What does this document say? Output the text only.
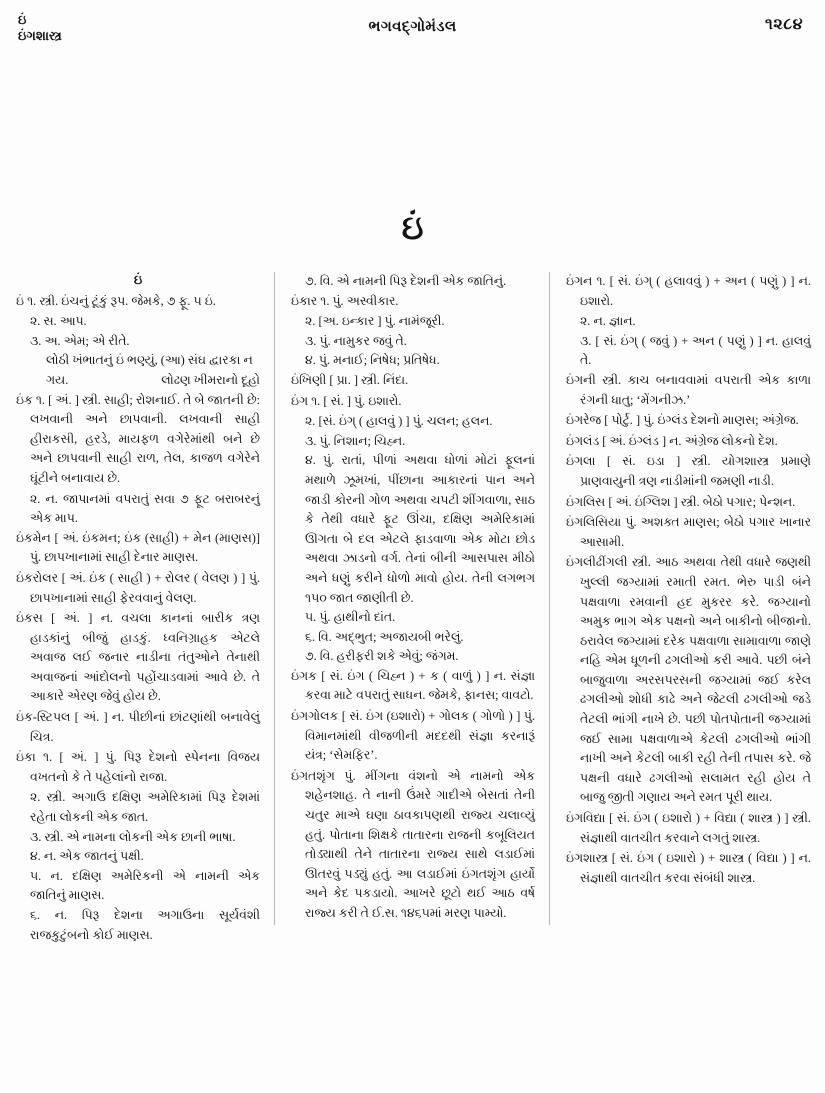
ઇં
ઇંગશાસ્ત્ર
ભગવદ્ગોમંડલ	૧૨૮૪
ઇં
ઇં
ઇં ૧. સ્ત્રી. ઇંચનું ટૂંકું રૂપ. જેમકે, ૭ ફૂ. ૫ ઇં.
૨. સ. આપ.
૩. અ. એમ; એ રીતે.
લોઠી ખંભાતનું ઇં ભણ્યું, (આ) સંઘ દ્વારકા ન
ગય.	લોઢણ ખીમરાનો દૂહો
ઇંક ૧. [ અં. ] સ્ત્રી. સાહી; રોશનાઈ. તે બે જાતની છે: લખવાની અને છાપવાની. લખવાની સાહી હીરાકસી, હરડે, માયફળ વગેરેમાંથી બને છે અને છાપવાની સાહી રાળ, તેલ, કાજળ વગેરેને ઘૂંટીને બનાવાય છે.
૨. ન. જાપાનમાં વપરાતું સવા ૭ ફૂટ બરાબરનું એક માપ.
ઇંકમેન [ અં. ઇંકમન; ઇંક (સાહી) + મેન (માણસ)] પું. છાપખાનામાં સાહી દેનાર માણસ.
ઇંકરોલર [ અં. ઇંક ( સાહી ) + રોલર ( વેલણ ) ] પું. છાપખાનામાં સાહી ફેરવવાનું વેલણ.
ઇંકસ [ અં. ] ન. વચલા કાનનાં બારીક ત્રણ હાડકાંનું બીજું હાડકું. ધ્વનિગ્રાહક એટલે અવાજ લઈ જનાર નાડીના તંતુઓને તેનાથી અવાજનાં આંદોલનો પહોંચાડવામાં આવે છે. તે આકારે એરણ જેવું હોય છે.
ઇંક-સ્ટિપલ [ અં. ] ન. પીછીનાં છાંટણાંથી બનાવેલું ચિત્ર.
ઇંકા ૧. [ અં. ] પું. પિરૂ દેશનો સ્પેનના વિજય વખતનો કે તે પહેલાંનો રાજા.
૨. સ્ત્રી. અગાઉ દક્ષિણ અમેરિકામાં પિરૂ દેશમાં રહેતા લોકની એક જાત.
૩. સ્ત્રી. એ નામના લોકની એક છાની ભાષા.
૪. ન. એક જાતનું પક્ષી.
૫. ન. દક્ષિણ અમેરિકની એ નામની એક જાતિનું માણસ.
૬. ન. પિરૂ દેશના અગાઉના સૂર્યવંશી રાજકુટુંબનો કોઈ માણસ.
૭. વિ. એ નામની પિરૂ દેશની એક જાતિનું.
ઇંકાર ૧. પું. અસ્વીકાર.
૨. [અ. ઇન્કાર ] પું. નામંજૂરી.
૩. પું. નામુકર જવું તે.
૪. પું. મનાઈ; નિષેધ; પ્રતિષેધ.
ઇંખિણી [ પ્રા. ] સ્ત્રી. નિંદા.
ઇંગ ૧. [ સં. ] પું. ઇશારો.
૨. [સં. ઇંગ્ ( હાલવું ) ] પું. ચલન; હલન.
૩. પું. નિશાન; ચિહ્ન.
૪. પું. રાતાં, પીળાં અથવા ધોળાં મોટાં ફૂલનાં મથાળે ઝૂમખાં, પીંછાના આકારનાં પાન અને જાડી કોરની ગોળ અથવા ચપટી શીંગવાળા, સાઠ કે તેથી વધારે ફૂટ ઊંચા, દક્ષિણ અમેરિકામાં ઊગતા બે દલ એટલે ફાડવાળા એક મોટા છોડ અથવા ઝાડનો વર્ગ. તેનાં બીની આસપાસ મીઠો અને ધણું કરીને ધોળો માવો હોય. તેની લગભગ ૧૫૦ જાત જાણીતી છે.
૫. પું. હાથીનો દાંત.
૬. વિ. અદ્ભુત; અજાયબી ભરેલું.
૭. વિ. હરીફરી શકે એવું; જંગમ.
ઇંગક [ સં. ઇંગ ( ચિહ્ન ) + ક ( વાળું ) ] ન. સંજ્ઞા કરવા માટે વપરાતું સાધન. જેમકે, ફાનસ; વાવટો.
ઇંગગોલક [ સં. ઇંગ (ઇશારો) + ગોલક ( ગોળો ) ] પું. વિમાનમાંથી વીજળીની મદદથી સંજ્ઞા કરનારૂં યંત્ર; ‘સેમફિર’.
ઇંગતશૃંગ પું. મીંગના વંશનો એ નામનો એક શહેનશાહ. તે નાની ઉંમરે ગાદીએ બેસતાં તેની ચતુર માએ ઘણા ઠાવકાપણથી રાજ્ય ચલાવ્યું હતું. પોતાના શિક્ષકે તાતારના રાજની કબૂલિયત તોડ્યાથી તેને તાતારના રાજ્ય સાથે લડાઈમાં ઊતરવું પડ્યું હતું. આ લડાઈમાં ઇંગતશૃંગ હાર્યો અને કેદ પકડાયો. આખરે છૂટો થઈ આઠ વર્ષ રાજ્ય કરી તે ઈ.સ. ૧૪૬૫માં મરણ પામ્યો.
ઇંગન ૧. [ સં. ઇંગ્ ( હલાવવું ) + અન ( પણું ) ] ન. ઇશારો.
૨. ન. જ્ઞાન.
૩. [ સં. ઇંગ્ ( જવું ) + અન ( પણું ) ] ન. હાલવું તે.
ઇંગની સ્ત્રી. કાચ બનાવવામાં વપરાતી એક કાળા રંગની ધાતુ; ‘મેંગનીઝ.’
ઇંગરેજ [ પોર્ટુ. ] પું. ઇંગ્લંડ દેશનો માણસ; અંગ્રેજ.
ઇંગલંડ [ અં. ઇંગ્લંડ ] ન. અંગ્રેજ લોકનો દેશ.
ઇંગલા [ સં. ઇડા ] સ્ત્રી. યોગશાસ્ત્ર પ્રમાણે પ્રાણવાયુની ત્રણ નાડીમાંની જમણી નાડી.
ઇંગલિસ [ અં. ઇંગ્લિશ ] સ્ત્રી. બેઠો પગાર; પેન્શન.
ઇંગલિસિયા પું. અશક્ત માણસ; બેઠો પગાર ખાનાર આસામી.
ઇંગલીઢીંગલી સ્ત્રી. આઠ અથવા તેથી વધારે જણથી ખુલ્લી જગ્યામાં રમાતી રમત. ભેરુ પાડી બંને પક્ષવાળા રમવાની હદ મુકરર કરે. જગ્યાનો અમુક ભાગ એક પક્ષનો અને બાકીનો બીજાનો. ઠરાવેલ જગ્યામાં દરેક પક્ષવાળા સામાવાળા જાણે નહિ એમ ધૂળની ઢગલીઓ કરી આવે. પછી બંને બાજુવાળા અરસપરસની જગ્યામાં જઈ કરેલ ઢગલીઓ શોધી કાઢે અને જેટલી ઢગલીઓ જડે તેટલી ભાંગી નાખે છે. પછી પોતપોતાની જગ્યામાં જઈ સામા પક્ષવાળાએ કેટલી ઢગલીઓ ભાંગી નાખી અને કેટલી બાકી રહી તેની તપાસ કરે. જે પક્ષની વધારે ઢગલીઓ સલામત રહી હોય તે બાજુ જીતી ગણાય અને રમત પૂરી થાય.
ઇંગવિદ્યા [ સં. ઇંગ ( ઇશારો ) + વિદ્યા ( શાસ્ત્ર ) ] સ્ત્રી. સંજ્ઞાથી વાતચીત કરવાને લગતું શાસ્ત્ર.
ઇંગશાસ્ત્ર [ સં. ઇંગ ( ઇશારો ) + શાસ્ત્ર ( વિદ્યા ) ] ન. સંજ્ઞાથી વાતચીત કરવા સંબંધી શાસ્ત્ર.
